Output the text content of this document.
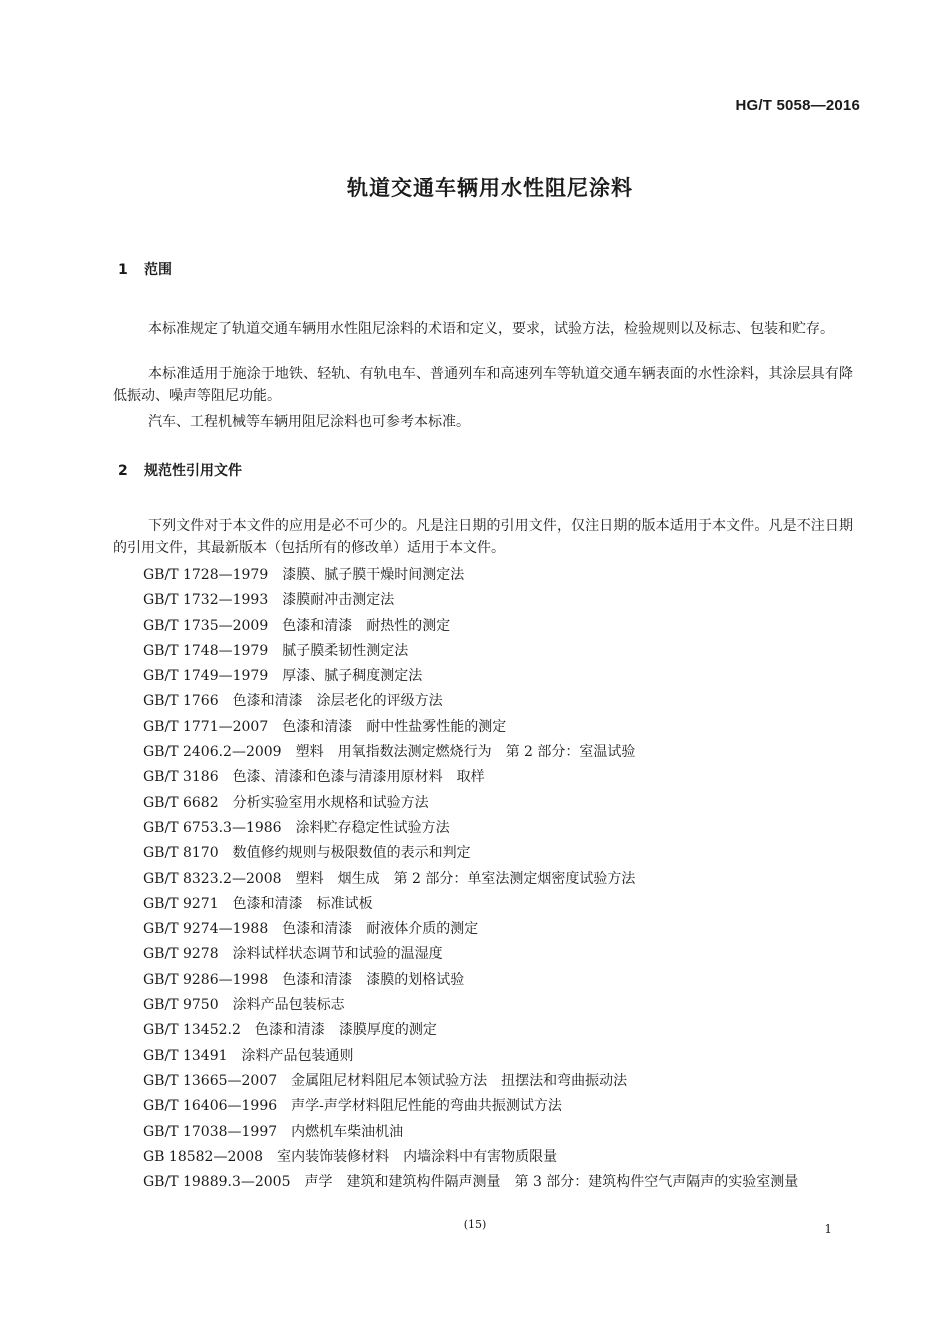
HG/T 5058—2016
轨道交通车辆用水性阻尼涂料
1 范围
本标准规定了轨道交通车辆用水性阻尼涂料的术语和定义，要求，试验方法，检验规则以及标志、包装和贮存。
本标准适用于施涂于地铁、轻轨、有轨电车、普通列车和高速列车等轨道交通车辆表面的水性涂料，其涂层具有降低振动、噪声等阻尼功能。
汽车、工程机械等车辆用阻尼涂料也可参考本标准。
2 规范性引用文件
下列文件对于本文件的应用是必不可少的。凡是注日期的引用文件，仅注日期的版本适用于本文件。凡是不注日期的引用文件，其最新版本（包括所有的修改单）适用于本文件。
GB/T 1728—1979 漆膜、腻子膜干燥时间测定法
GB/T 1732—1993 漆膜耐冲击测定法
GB/T 1735—2009 色漆和清漆　耐热性的测定
GB/T 1748—1979 腻子膜柔韧性测定法
GB/T 1749—1979 厚漆、腻子稠度测定法
GB/T 1766 色漆和清漆　涂层老化的评级方法
GB/T 1771—2007 色漆和清漆　耐中性盐雾性能的测定
GB/T 2406.2—2009 塑料　用氧指数法测定燃烧行为　第 2 部分：室温试验
GB/T 3186 色漆、清漆和色漆与清漆用原材料　取样
GB/T 6682 分析实验室用水规格和试验方法
GB/T 6753.3—1986 涂料贮存稳定性试验方法
GB/T 8170 数值修约规则与极限数值的表示和判定
GB/T 8323.2—2008 塑料　烟生成　第 2 部分：单室法测定烟密度试验方法
GB/T 9271 色漆和清漆　标准试板
GB/T 9274—1988 色漆和清漆　耐液体介质的测定
GB/T 9278 涂料试样状态调节和试验的温湿度
GB/T 9286—1998 色漆和清漆　漆膜的划格试验
GB/T 9750 涂料产品包装标志
GB/T 13452.2 色漆和清漆　漆膜厚度的测定
GB/T 13491 涂料产品包装通则
GB/T 13665—2007 金属阻尼材料阻尼本领试验方法　扭摆法和弯曲振动法
GB/T 16406—1996 声学-声学材料阻尼性能的弯曲共振测试方法
GB/T 17038—1997 内燃机车柴油机油
GB 18582—2008 室内装饰装修材料　内墙涂料中有害物质限量
GB/T 19889.3—2005 声学　建筑和建筑构件隔声测量　第 3 部分：建筑构件空气声隔声的实验室测量
(15)	1
